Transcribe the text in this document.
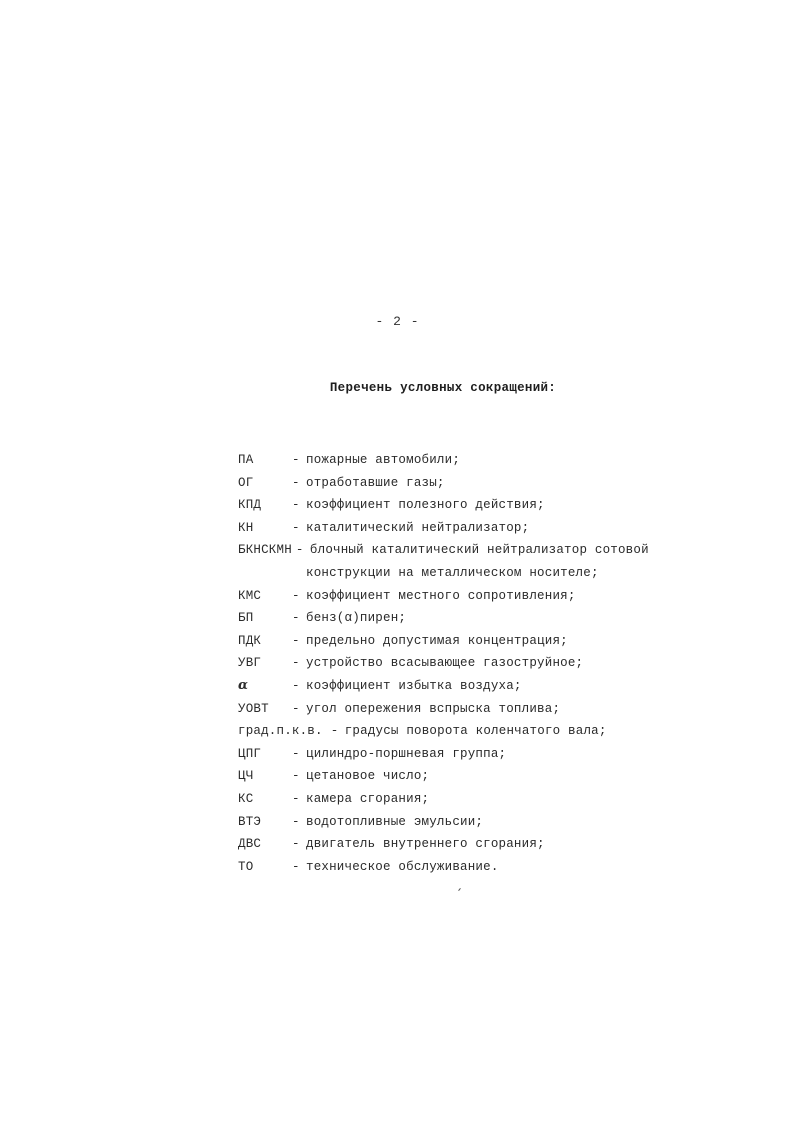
- 2 -
Перечень условных сокращений:
ПА	- пожарные автомобили;
ОГ	- отработавшие газы;
КПД	- коэффициент полезного действия;
КН	- каталитический нейтрализатор;
БКНСКМН - блочный каталитический нейтрализатор сотовой
конструкции на металлическом носителе;
КМС	- коэффициент местного сопротивления;
БП	- бенз(α)пирен;
ПДК	- предельно допустимая концентрация;
УВГ	- устройство всасывающее газоструйное;
α	- коэффициент избытка воздуха;
УОВТ	- угол опережения вспрыска топлива;
град.п.к.в. - градусы поворота коленчатого вала;
ЦПГ	- цилиндро-поршневая группа;
ЦЧ	- цетановое число;
КС	- камера сгорания;
ВТЭ	- водотопливные эмульсии;
ДВС	- двигатель внутреннего сгорания;
ТО	- техническое обслуживание.
